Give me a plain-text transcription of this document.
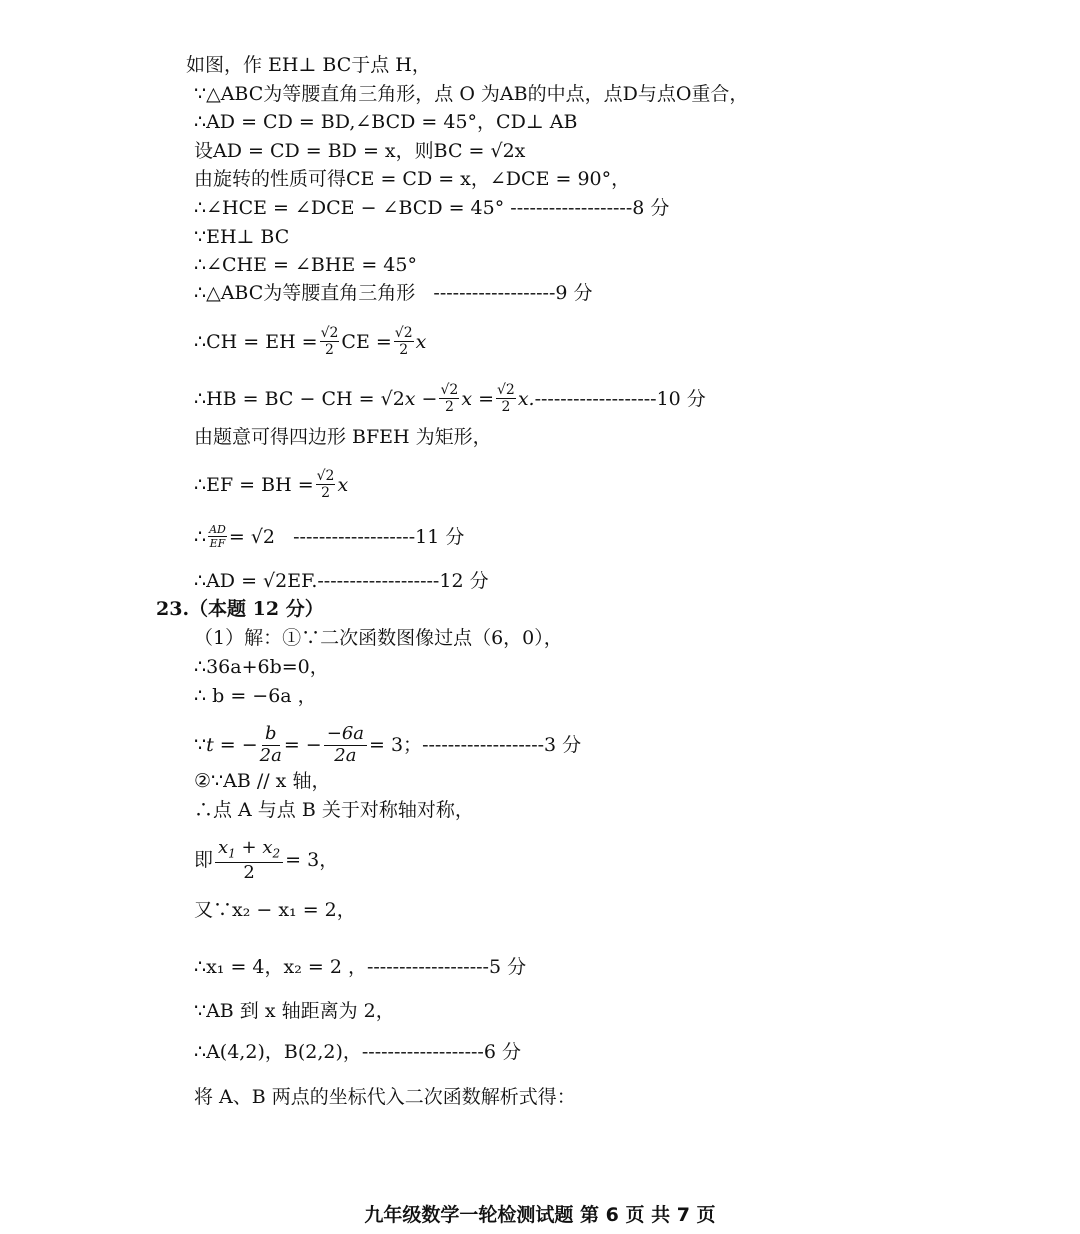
如图，作 EH⊥ BC于点 H，
∵△ABC为等腰直角三角形，点 O 为AB的中点，点D与点O重合，
∴AD = CD = BD,∠BCD = 45°，CD⊥ AB
设AD = CD = BD = x，则BC = √2x
由旋转的性质可得CE = CD = x，∠DCE = 90°，
∴∠HCE = ∠DCE − ∠BCD = 45° ------------------- 8 分
∵EH⊥ BC
∴∠CHE = ∠BHE = 45°
∴△ABC为等腰直角三角形 ------------------- 9 分
∴CH = EH = $\frac{√2}{2}$ CE = $\frac{√2}{2}$ x
∴HB = BC − CH = $√2x - \frac{√2}{2}$ $x = \frac{√2}{2} x$. ------------------- 10 分
由题意可得四边形 BFEH 为矩形，
∴EF = BH = $\frac{√2}{2}$ x
∴ $\frac{AD}{EF} = √2$ ------------------- 11 分
∴AD = √2EF. ------------------- 12 分
23.（本题 12 分）
（1）解：①∵二次函数图像过点（6，0），
∴36a+6b=0，
∴ b = −6a ，
∵t = − $\frac{b}{2a}$ = − $\frac{-6a}{2a} = 3$； ------------------- 3 分
②∵AB // x 轴，
∴点 A 与点 B 关于对称轴对称，
即 $\frac{x_1 + x_2}{2} = 3$，
又∵x₂ − x₁ = 2，
∴x₁ = 4，x₂ = 2 ， ------------------- 5 分
∵AB 到 x 轴距离为 2，
∴A(4,2)，B(2,2)， ------------------- 6 分
将 A、B 两点的坐标代入二次函数解析式得：
九年级数学一轮检测试题 第 6 页 共 7 页
